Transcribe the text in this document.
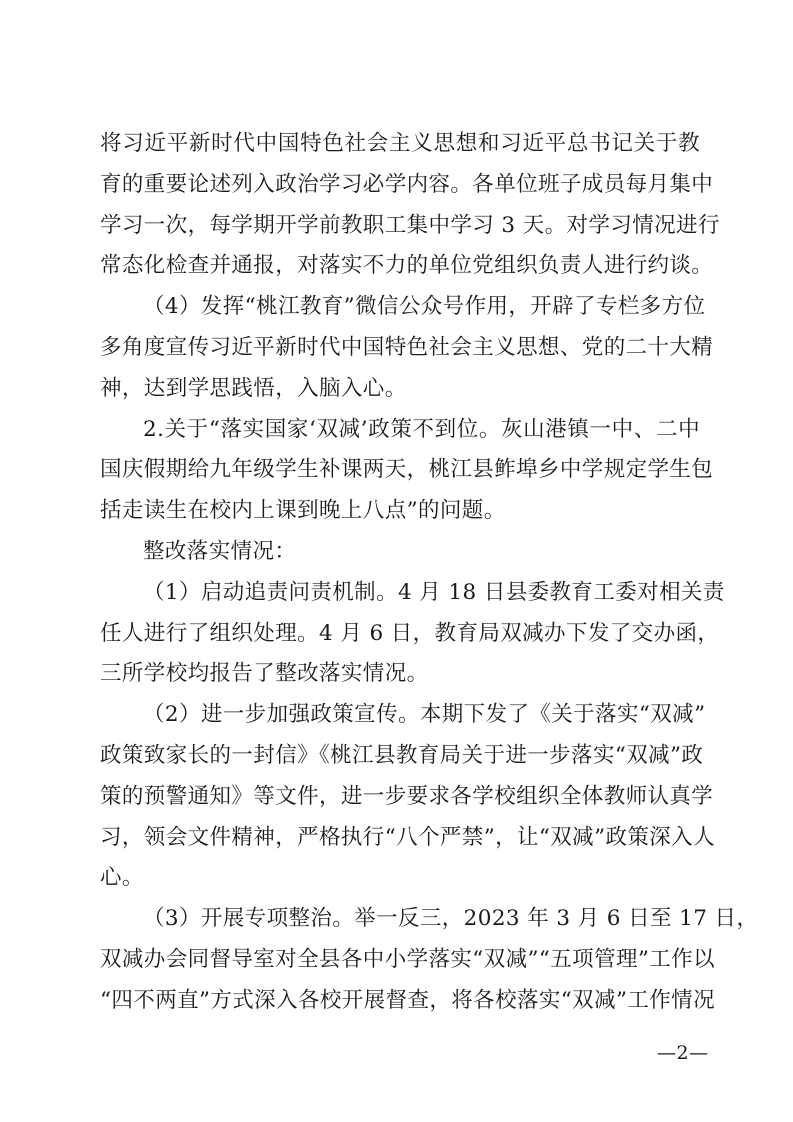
将习近平新时代中国特色社会主义思想和习近平总书记关于教
育的重要论述列入政治学习必学内容。各单位班子成员每月集中
学习一次，每学期开学前教职工集中学习 3 天。对学习情况进行
常态化检查并通报，对落实不力的单位党组织负责人进行约谈。
（4）发挥“桃江教育”微信公众号作用，开辟了专栏多方位
多角度宣传习近平新时代中国特色社会主义思想、党的二十大精
神，达到学思践悟，入脑入心。
2.关于“落实国家‘双减’政策不到位。灰山港镇一中、二中
国庆假期给九年级学生补课两天，桃江县鲊埠乡中学规定学生包
括走读生在校内上课到晚上八点”的问题。
整改落实情况：
（1）启动追责问责机制。4 月 18 日县委教育工委对相关责
任人进行了组织处理。4 月 6 日，教育局双减办下发了交办函，
三所学校均报告了整改落实情况。
（2）进一步加强政策宣传。本期下发了《关于落实“双减”
政策致家长的一封信》《桃江县教育局关于进一步落实“双减”政
策的预警通知》等文件，进一步要求各学校组织全体教师认真学
习，领会文件精神，严格执行“八个严禁”，让“双减”政策深入人
心。
（3）开展专项整治。举一反三，2023 年 3 月 6 日至 17 日，
双减办会同督导室对全县各中小学落实“双减”“五项管理”工作以
“四不两直”方式深入各校开展督查，将各校落实“双减”工作情况
—2—
